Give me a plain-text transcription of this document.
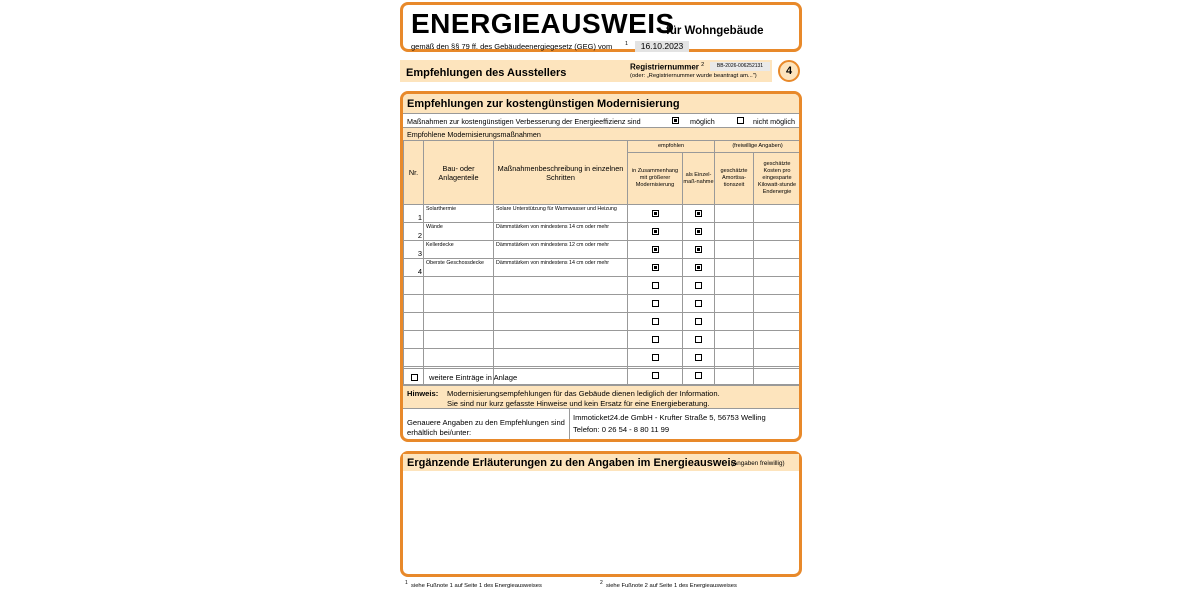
ENERGIEAUSWEIS
für Wohngebäude
gemäß den §§ 79 ff. des Gebäudeenergiegesetz (GEG) vom 1	16.10.2023
Empfehlungen des Ausstellers	Registriernummer $^2$	BB-2026-006252131
(oder: „Registriernummer wurde beantragt am...")	4
Empfehlungen zur kostengünstigen Modernisierung
Maßnahmen zur kostengünstigen Verbesserung der Energieeffizienz sind	möglich	nicht möglich
Empfohlene Modernisierungsmaßnahmen
Nr.	Bau- oder Anlagenteile	Maßnahmenbeschreibung in einzelnen Schritten	empfohlen		(freiwillige Angaben)	
			in Zusammenhang mit größerer Modernisierung	als Einzel-maß-nahme	geschätzte Amortisa-tionszeit	geschätzte Kosten pro eingesparte Kilowatt-stunde Endenergie
1	Solarthermie	Solare Unterstützung für Warmwasser und Heizung				
2	Wände	Dämmstärken von mindestens 14 cm oder mehr				
3	Kellerdecke	Dämmstärken von mindestens 12 cm oder mehr				
4	Oberste Geschossdecke	Dämmstärken von mindestens 14 cm oder mehr				

weitere Einträge in Anlage
Hinweis: Modernisierungsempfehlungen für das Gebäude dienen lediglich der Information.
Sie sind nur kurz gefasste Hinweise und kein Ersatz für eine Energieberatung.
Genauere Angaben zu den Empfehlungen sind
erhältlich bei/unter:
Immoticket24.de GmbH - Krufter Straße 5, 56753 Welling
Telefon: 0 26 54 - 8 80 11 99
Ergänzende Erläuterungen zu den Angaben im Energieausweis
(Angaben freiwillig)
$^1$ siehe Fußnote 1 auf Seite 1 des Energieausweises	$^2$ siehe Fußnote 2 auf Seite 1 des Energieausweises
